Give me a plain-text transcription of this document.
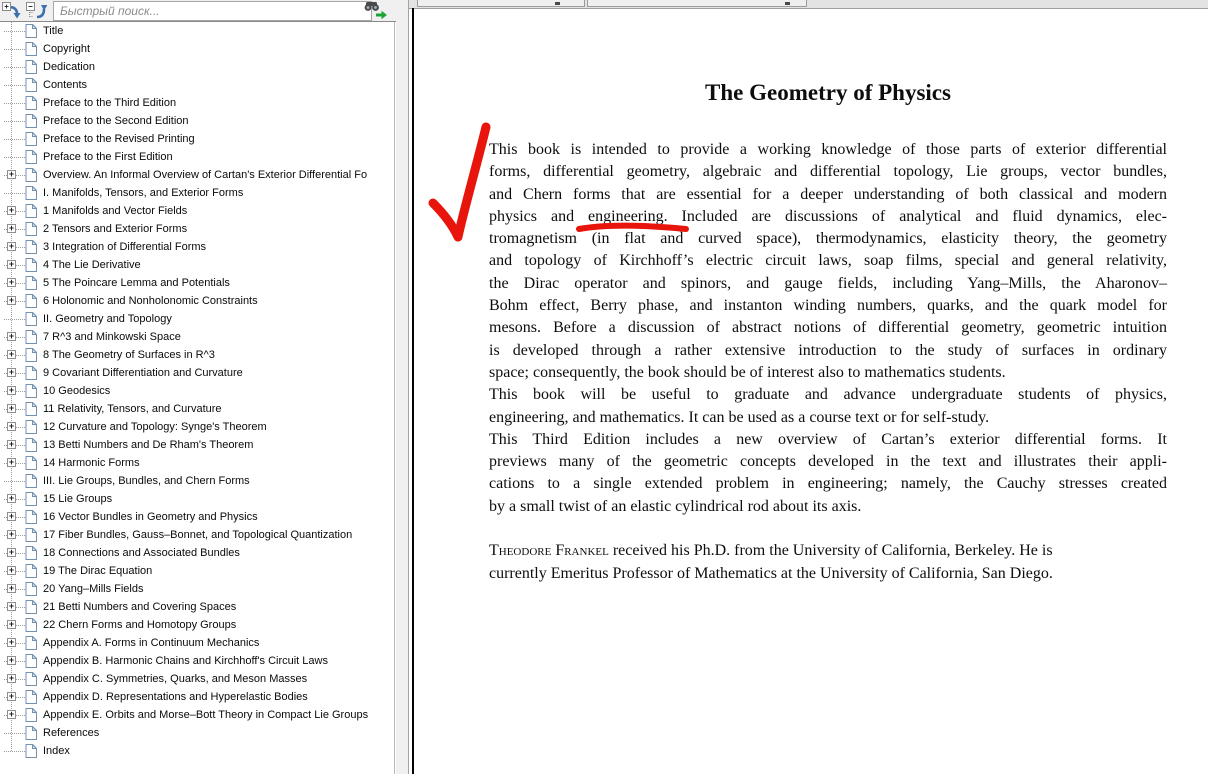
Быстрый поиск...
Title
Copyright
Dedication
Contents
Preface to the Third Edition
Preface to the Second Edition
Preface to the Revised Printing
Preface to the First Edition
+	Overview. An Informal Overview of Cartan's Exterior Differential Fo
I. Manifolds, Tensors, and Exterior Forms
+	1 Manifolds and Vector Fields
+	2 Tensors and Exterior Forms
+	3 Integration of Differential Forms
+	4 The Lie Derivative
+	5 The Poincare Lemma and Potentials
+	6 Holonomic and Nonholonomic Constraints
II. Geometry and Topology
+	7 R^3 and Minkowski Space
+	8 The Geometry of Surfaces in R^3
+	9 Covariant Differentiation and Curvature
+	10 Geodesics
+	11 Relativity, Tensors, and Curvature
+	12 Curvature and Topology: Synge's Theorem
+	13 Betti Numbers and De Rham's Theorem
+	14 Harmonic Forms
III. Lie Groups, Bundles, and Chern Forms
+	15 Lie Groups
+	16 Vector Bundles in Geometry and Physics
+	17 Fiber Bundles, Gauss–Bonnet, and Topological Quantization
+	18 Connections and Associated Bundles
+	19 The Dirac Equation
+	20 Yang–Mills Fields
+	21 Betti Numbers and Covering Spaces
+	22 Chern Forms and Homotopy Groups
+	Appendix A. Forms in Continuum Mechanics
+	Appendix B. Harmonic Chains and Kirchhoff's Circuit Laws
+	Appendix C. Symmetries, Quarks, and Meson Masses
+	Appendix D. Representations and Hyperelastic Bodies
+	Appendix E. Orbits and Morse–Bott Theory in Compact Lie Groups
References
Index
The Geometry of Physics
This book is intended to provide a working knowledge of those parts of exterior differential
forms, differential geometry, algebraic and differential topology, Lie groups, vector bundles,
and Chern forms that are essential for a deeper understanding of both classical and modern
physics and engineering. Included are discussions of analytical and fluid dynamics, elec-
tromagnetism (in flat and curved space), thermodynamics, elasticity theory, the geometry
and topology of Kirchhoff’s electric circuit laws, soap films, special and general relativity,
the Dirac operator and spinors, and gauge fields, including Yang–Mills, the Aharonov–
Bohm effect, Berry phase, and instanton winding numbers, quarks, and the quark model for
mesons. Before a discussion of abstract notions of differential geometry, geometric intuition
is developed through a rather extensive introduction to the study of surfaces in ordinary
space; consequently, the book should be of interest also to mathematics students.
This book will be useful to graduate and advance undergraduate students of physics,
engineering, and mathematics. It can be used as a course text or for self-study.
This Third Edition includes a new overview of Cartan’s exterior differential forms. It
previews many of the geometric concepts developed in the text and illustrates their appli-
cations to a single extended problem in engineering; namely, the Cauchy stresses created
by a small twist of an elastic cylindrical rod about its axis.
Theodore Frankel received his Ph.D. from the University of California, Berkeley. He is
currently Emeritus Professor of Mathematics at the University of California, San Diego.
